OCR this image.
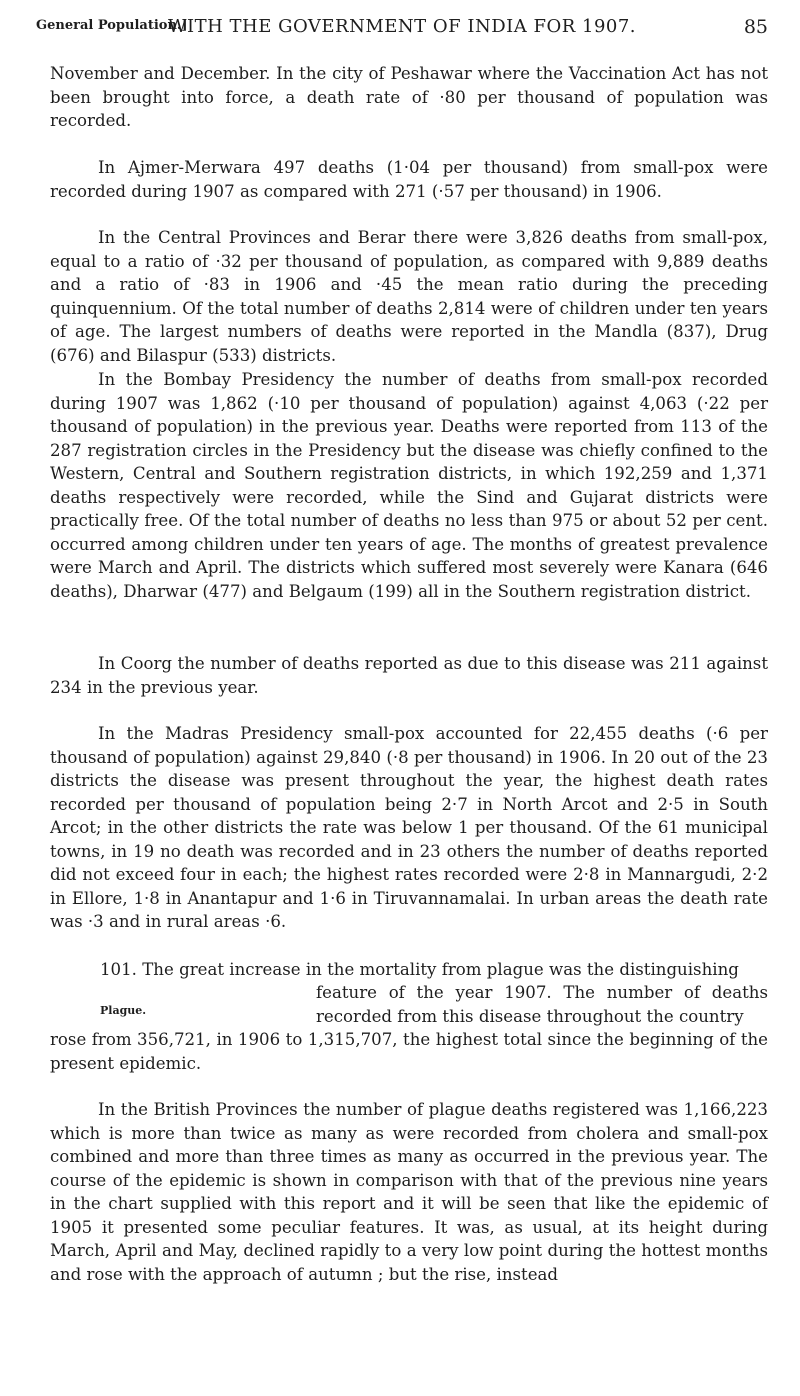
General Population.]
WITH THE GOVERNMENT OF INDIA FOR 1907.	85

November and December. In the city of Peshawar where the Vaccination Act has not been brought into force, a death rate of ·80 per thousand of population was recorded.

In Ajmer-Merwara 497 deaths (1·04 per thousand) from small-pox were recorded during 1907 as compared with 271 (·57 per thousand) in 1906.

In the Central Provinces and Berar there were 3,826 deaths from small-pox, equal to a ratio of ·32 per thousand of population, as compared with 9,889 deaths and a ratio of ·83 in 1906 and ·45 the mean ratio during the preceding quinquennium. Of the total number of deaths 2,814 were of children under ten years of age. The largest numbers of deaths were reported in the Mandla (837), Drug (676) and Bilaspur (533) districts.

In the Bombay Presidency the number of deaths from small-pox recorded during 1907 was 1,862 (·10 per thousand of population) against 4,063 (·22 per thousand of population) in the previous year. Deaths were reported from 113 of the 287 registration circles in the Presidency but the disease was chiefly confined to the Western, Central and Southern registration districts, in which 192,259 and 1,371 deaths respectively were recorded, while the Sind and Gujarat districts were practically free. Of the total number of deaths no less than 975 or about 52 per cent. occurred among children under ten years of age. The months of greatest prevalence were March and April. The districts which suffered most severely were Kanara (646 deaths), Dharwar (477) and Belgaum (199) all in the Southern registration district.

In Coorg the number of deaths reported as due to this disease was 211 against 234 in the previous year.

In the Madras Presidency small-pox accounted for 22,455 deaths (·6 per thousand of population) against 29,840 (·8 per thousand) in 1906. In 20 out of the 23 districts the disease was present throughout the year, the highest death rates recorded per thousand of population being 2·7 in North Arcot and 2·5 in South Arcot; in the other districts the rate was below 1 per thousand. Of the 61 municipal towns, in 19 no death was recorded and in 23 others the number of deaths reported did not exceed four in each; the highest rates recorded were 2·8 in Mannargudi, 2·2 in Ellore, 1·8 in Anantapur and 1·6 in Tiruvannamalai. In urban areas the death rate was ·3 and in rural areas ·6.

101. The great increase in the mortality from plague was the distinguishing
Plague.
feature of the year 1907. The number of deaths recorded from this disease throughout the country
rose from 356,721, in 1906 to 1,315,707, the highest total since the beginning of the present epidemic.

In the British Provinces the number of plague deaths registered was 1,166,223 which is more than twice as many as were recorded from cholera and small-pox combined and more than three times as many as occurred in the previous year. The course of the epidemic is shown in comparison with that of the previous nine years in the chart supplied with this report and it will be seen that like the epidemic of 1905 it presented some peculiar features. It was, as usual, at its height during March, April and May, declined rapidly to a very low point during the hottest months and rose with the approach of autumn ; but the rise, instead
